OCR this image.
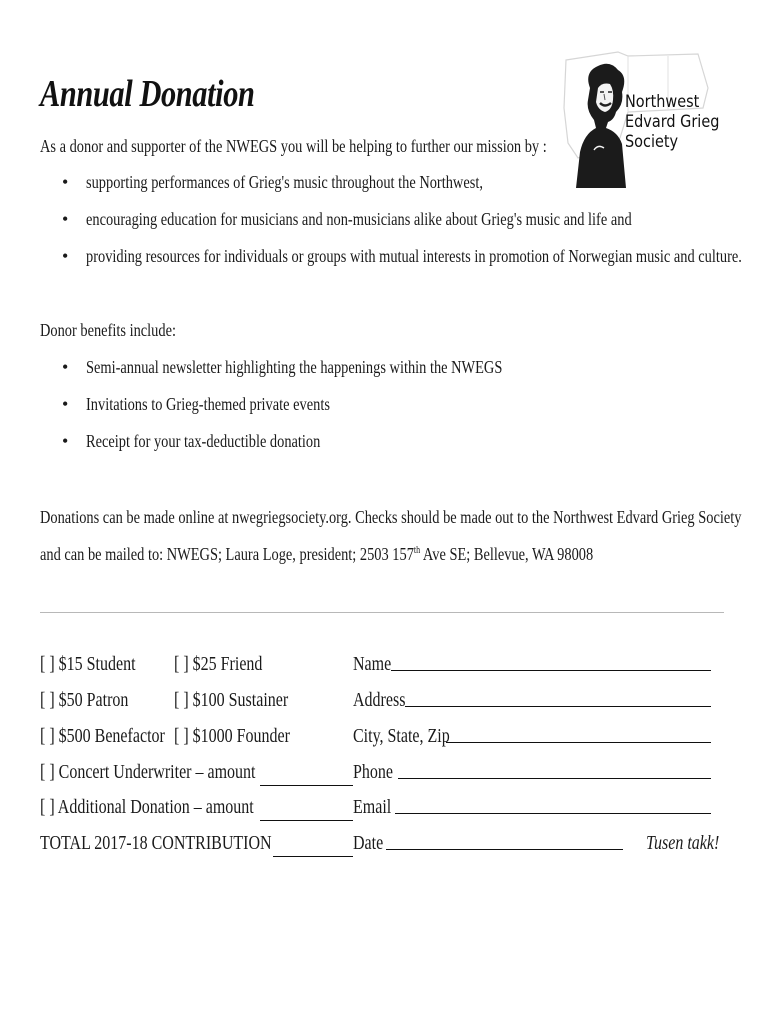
Annual Donation	Northwest
Edvard Grieg
Society

As a donor and supporter of the NWEGS you will be helping to further our mission by :

• supporting performances of Grieg's music throughout the Northwest,
• encouraging education for musicians and non-musicians alike about Grieg's music and life and
• providing resources for individuals or groups with mutual interests in promotion of Norwegian music and culture.

Donor benefits include:

• Semi-annual newsletter highlighting the happenings within the NWEGS
• Invitations to Grieg-themed private events
• Receipt for your tax-deductible donation

Donations can be made online at nwegriegsociety.org. Checks should be made out to the Northwest Edvard Grieg Society

and can be mailed to: NWEGS; Laura Loge, president; 2503 157th Ave SE; Bellevue, WA 98008

[ ] $15 Student [ ] $25 Friend	Name
[ ] $50 Patron [ ] $100 Sustainer	Address
[ ] $500 Benefactor [ ] $1000 Founder	City, State, Zip
[ ] Concert Underwriter – amount	Phone
[ ] Additional Donation – amount	Email
TOTAL 2017-18 CONTRIBUTION	Date	Tusen takk!
